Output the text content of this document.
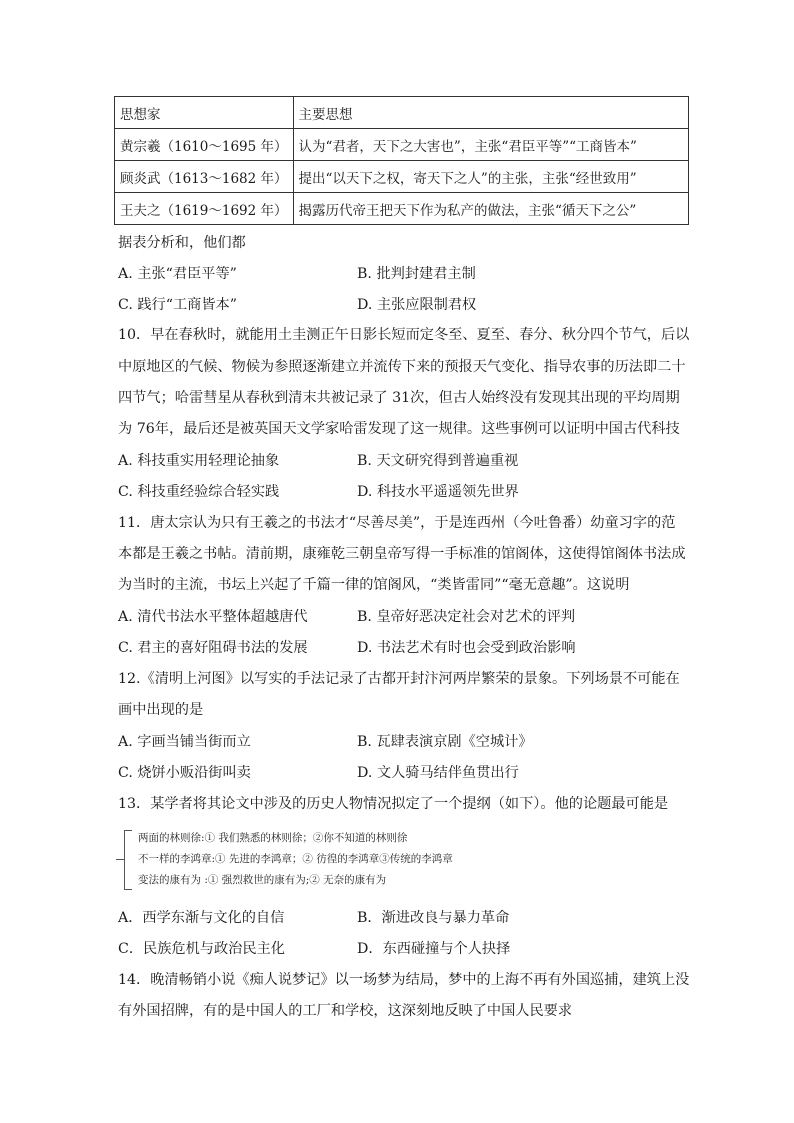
思想家	主要思想
黄宗羲（1610～1695 年）	认为“君者，天下之大害也”，主张“君臣平等”“工商皆本”
顾炎武（1613～1682 年）	提出“以天下之权，寄天下之人”的主张，主张“经世致用”
王夫之（1619～1692 年）	揭露历代帝王把天下作为私产的做法，主张“循天下之公”
据表分析和，他们都
A. 主张“君臣平等”	B. 批判封建君主制
C. 践行“工商皆本”	D. 主张应限制君权
10．早在春秋时，就能用土圭测正午日影长短而定冬至、夏至、春分、秋分四个节气，后以
中原地区的气候、物候为参照逐渐建立并流传下来的预报天气变化、指导农事的历法即二十
四节气；哈雷彗星从春秋到清末共被记录了 31次，但古人始终没有发现其出现的平均周期
为 76年，最后还是被英国天文学家哈雷发现了这一规律。这些事例可以证明中国古代科技
A. 科技重实用轻理论抽象	B. 天文研究得到普遍重视
C. 科技重经验综合轻实践	D. 科技水平遥遥领先世界
11．唐太宗认为只有王羲之的书法才“尽善尽美”，于是连西州（今吐鲁番）幼童习字的范
本都是王羲之书帖。清前期，康雍乾三朝皇帝写得一手标准的馆阁体，这使得馆阁体书法成
为当时的主流，书坛上兴起了千篇一律的馆阁风，“类皆雷同”“毫无意趣”。这说明
A. 清代书法水平整体超越唐代	B. 皇帝好恶决定社会对艺术的评判
C. 君主的喜好阻碍书法的发展	D. 书法艺术有时也会受到政治影响
12.《清明上河图》以写实的手法记录了古都开封汴河两岸繁荣的景象。下列场景不可能在
画中出现的是
A. 字画当铺当街而立	B. 瓦肆表演京剧《空城计》
C. 烧饼小贩沿街叫卖	D. 文人骑马结伴鱼贯出行
13．某学者将其论文中涉及的历史人物情况拟定了一个提纲（如下）。他的论题最可能是
两面的林则徐:① 我们熟悉的林则徐；②你不知道的林则徐
不一样的李鸿章:① 先进的李鸿章；② 彷徨的李鸿章③传统的李鸿章
变法的康有为 :① 强烈救世的康有为;② 无奈的康有为
A．西学东渐与文化的自信	B．渐进改良与暴力革命
C．民族危机与政治民主化	D．东西碰撞与个人抉择
14．晚清畅销小说《痴人说梦记》以一场梦为结局，梦中的上海不再有外国巡捕，建筑上没
有外国招牌，有的是中国人的工厂和学校，这深刻地反映了中国人民要求
